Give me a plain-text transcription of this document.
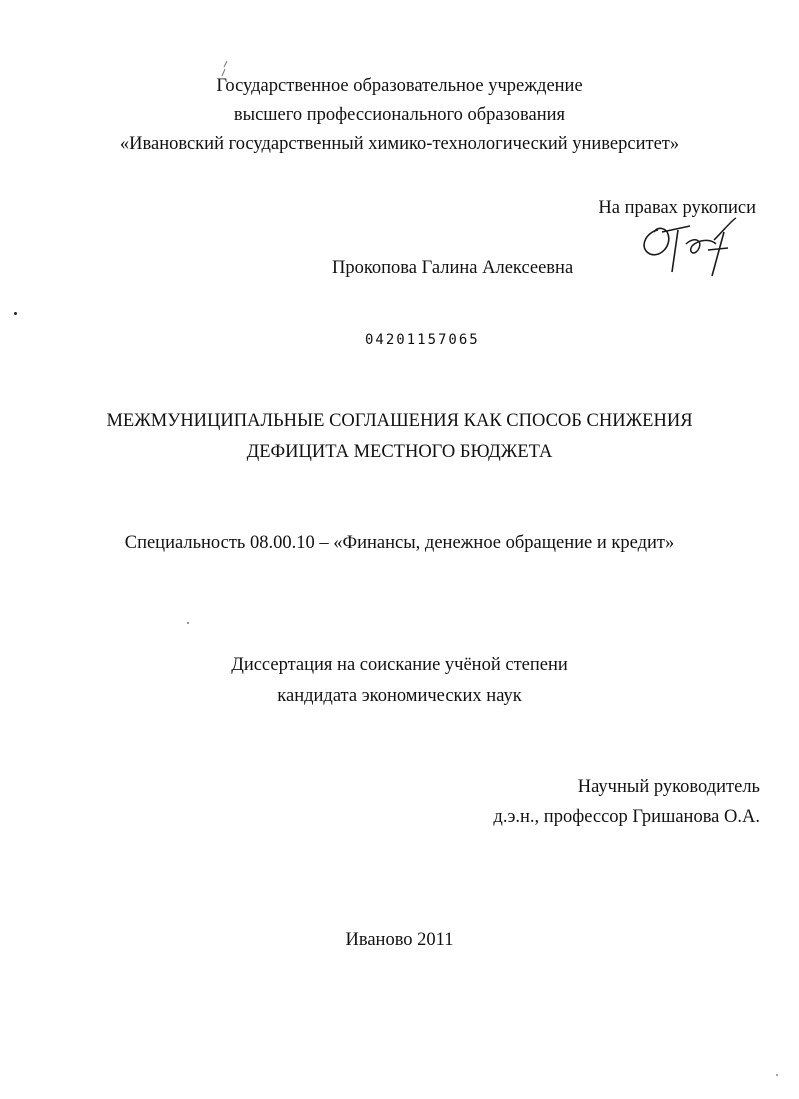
Государственное образовательное учреждение
высшего профессионального образования
«Ивановский государственный химико-технологический университет»
На правах рукописи
Прокопова Галина Алексеевна
04201157065
МЕЖМУНИЦИПАЛЬНЫЕ СОГЛАШЕНИЯ КАК СПОСОБ СНИЖЕНИЯ
ДЕФИЦИТА МЕСТНОГО БЮДЖЕТА
Специальность 08.00.10 – «Финансы, денежное обращение и кредит»
Диссертация на соискание учёной степени
кандидата экономических наук
Научный руководитель
д.э.н., профессор Гришанова О.А.
Иваново 2011
